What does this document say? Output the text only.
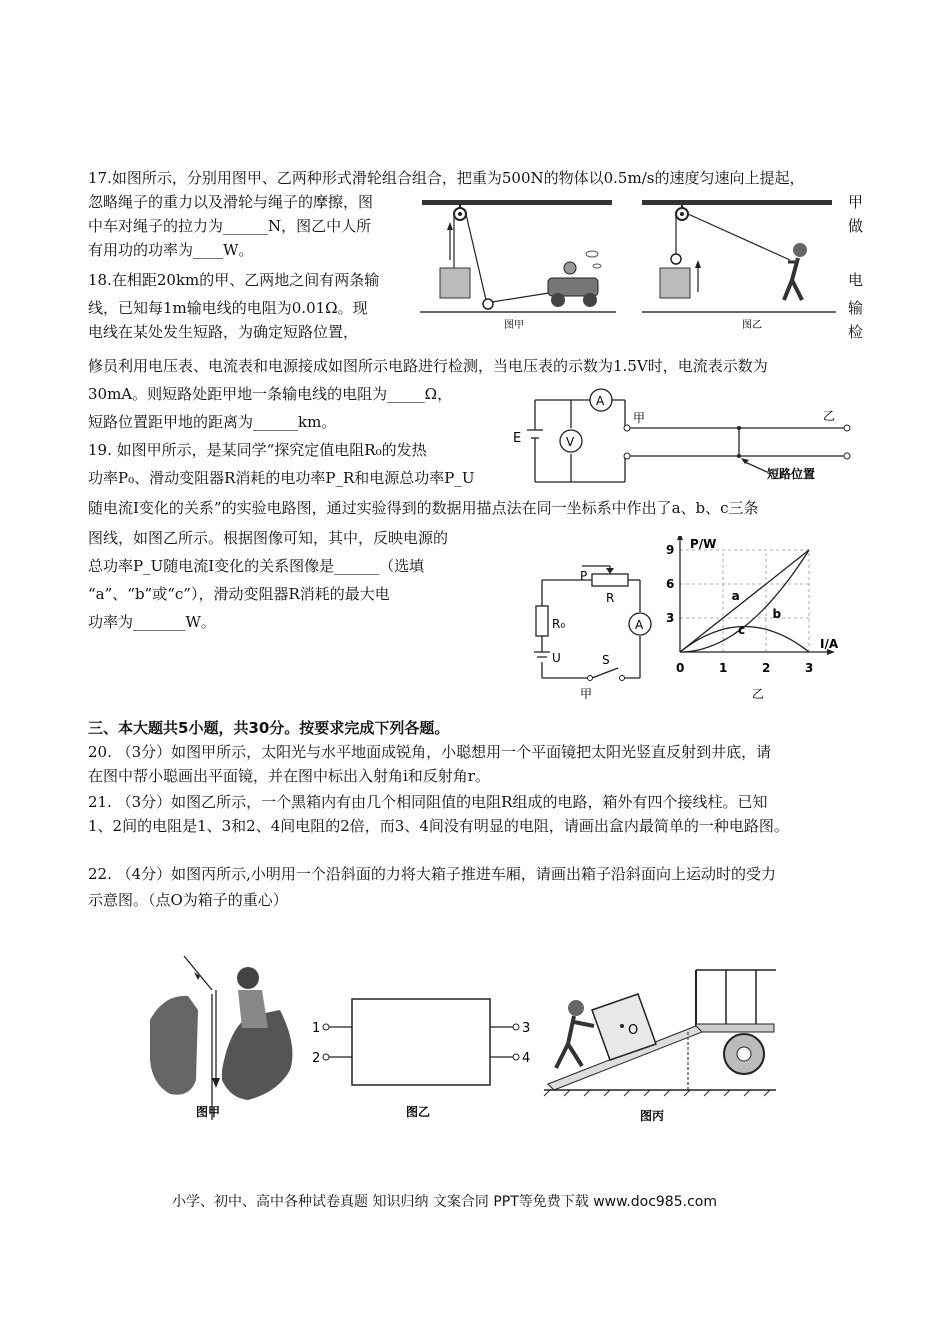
17.如图所示，分别用图甲、乙两种形式滑轮组合组合，把重为500N的物体以0.5m/s的速度匀速向上提起，
忽略绳子的重力以及滑轮与绳子的摩擦，图
中车对绳子的拉力为______N，图乙中人所
有用功的功率为____W。
甲
做
图甲	图乙
18.在相距20km的甲、乙两地之间有两条输
线，已知每1m输电线的电阻为0.01Ω。现
电线在某处发生短路，为确定短路位置，
电
输
检
修员利用电压表、电流表和电源接成如图所示电路进行检测，当电压表的示数为1.5V时，电流表示数为
30mA。则短路处距甲地一条输电线的电阻为_____Ω，
短路位置距甲地的距离为______km。
E
A
V
甲	乙
短路位置
19. 如图甲所示，是某同学“探究定值电阻R₀的发热
功率P₀、滑动变阻器R消耗的电功率P_R和电源总功率P_U
随电流I变化的关系”的实验电路图，通过实验得到的数据用描点法在同一坐标系中作出了a、b、c三条
图线，如图乙所示。根据图像可知，其中，反映电源的
总功率P_U随电流I变化的关系图像是______（选填
“a”、“b”或“c”），滑动变阻器R消耗的最大电
功率为_______W。
P
R
R₀
U	S
A
甲
P/W
I/A
乙
0	1	2	3
3
6
9
a
b
c
三、本大题共5小题，共30分。按要求完成下列各题。
20. （3分）如图甲所示，太阳光与水平地面成锐角，小聪想用一个平面镜把太阳光竖直反射到井底，请
在图中帮小聪画出平面镜，并在图中标出入射角i和反射角r。
21. （3分）如图乙所示，一个黑箱内有由几个相同阻值的电阻R组成的电路，箱外有四个接线柱。已知
1、2间的电阻是1、3和2、4间电阻的2倍，而3、4间没有明显的电阻，请画出盒内最简单的一种电路图。
22. （4分）如图丙所示,小明用一个沿斜面的力将大箱子推进车厢，请画出箱子沿斜面向上运动时的受力
示意图。（点O为箱子的重心）
图甲
1
2
3
4
图乙
O
图丙
小学、初中、高中各种试卷真题 知识归纳 文案合同 PPT等免费下载 www.doc985.com
